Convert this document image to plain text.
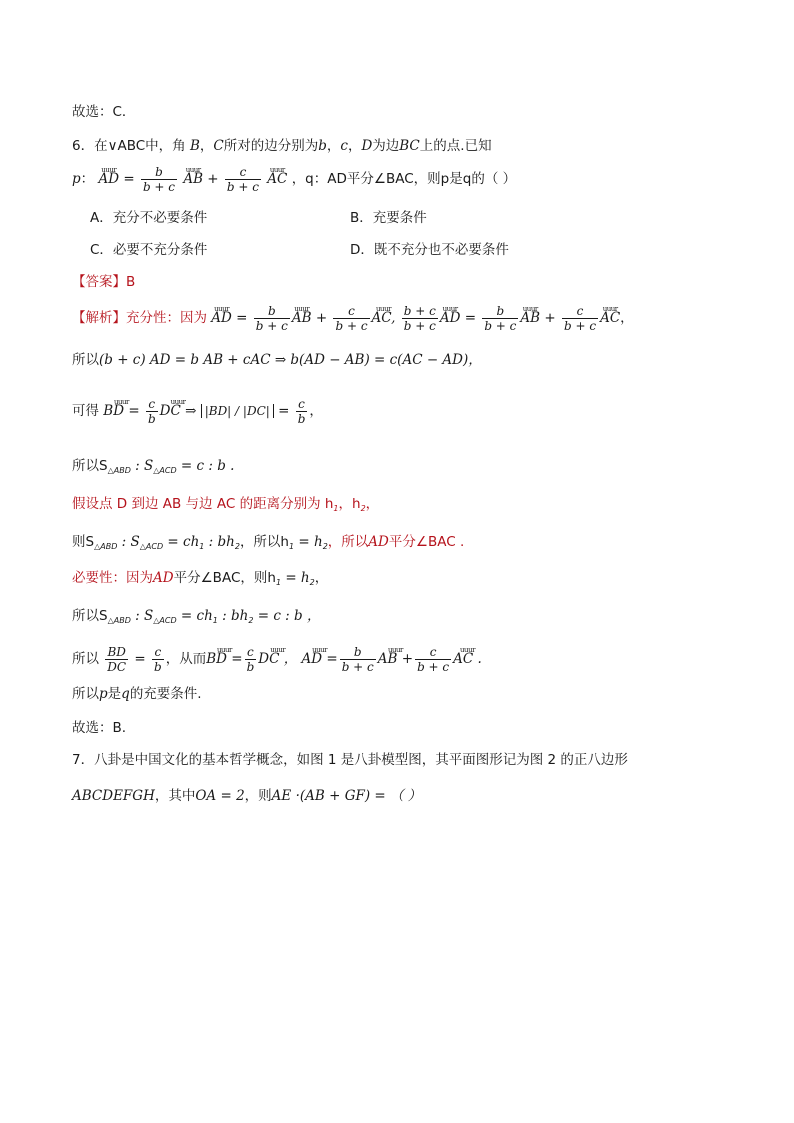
故选：C．
6．在∨ABC中，角 B，C所对的边分别为b，c，D为边BC上的点.已知
p： uuur AD = $\frac{b}{b + c}$ uuur AB + $\frac{c}{b + c}$ uuur AC ，q：AD平分∠BAC，则p是q的（ ）
A．充分不必要条件	B．充要条件
C．必要不充分条件	D．既不充分也不必要条件
【答案】B
【解析】充分性：因为 uuur AD = $\frac{b}{b + c}$ uuur AB + $\frac{c}{b + c}$ uuur AC, $\frac{b + c}{b + c}$ uuur AD = $\frac{b}{b + c}$ uuur AB + $\frac{c}{b + c}$ uuur AC，
所以(b + c) AD = b AB + cAC ⇒ b(AD − AB) = c(AC − AD)，
可得 uuur BD = $\frac{c}{b}$ uuur DC ⇒ $|BD| / |DC| = \frac{c}{b}$ ，
所以$S_{\triangle ABD}$ : $S_{\triangle ACD} = c$ : b .
假设点 D 到边 AB 与边 AC 的距离分别为 $h_1$，$h_2$，
则$S_{\triangle ABD}$ : $S_{\triangle ACD} = ch_1$ : $bh_2$，所以$h_1 = h_2$，所以AD平分∠BAC .
必要性：因为AD平分∠BAC，则$h_1 = h_2$，
所以$S_{\triangle ABD}$ : $S_{\triangle ACD} = ch_1$ : $bh_2 = c$ : b ，
所以 $\frac{BD}{DC} = \frac{c}{b}$ ，从而uuur BD = $\frac{c}{b}$ uuur DC ， uuur AD = $\frac{b}{b + c}$ uuur AB + $\frac{c}{b + c}$ uuur AC .
所以p是q的充要条件.
故选：B.
7．八卦是中国文化的基本哲学概念，如图 1 是八卦模型图，其平面图形记为图 2 的正八边形
ABCDEFGH，其中OA = 2，则AE ·(AB + GF) = （ ）
